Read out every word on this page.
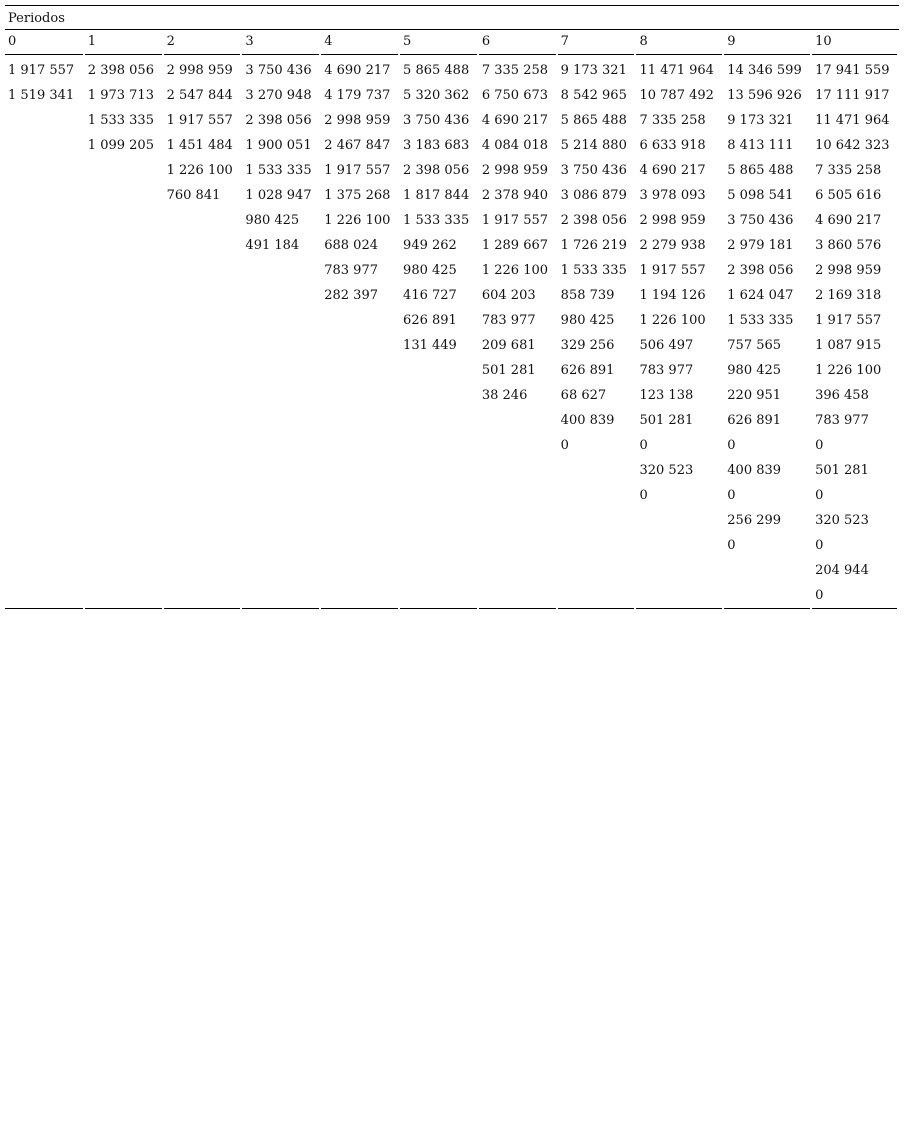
Periodos
0	1	2	3	4	5	6	7	8	9	10

1 917 557	2 398 056	2 998 959	3 750 436	4 690 217	5 865 488	7 335 258	9 173 321	11 471 964	14 346 599	17 941 559
1 519 341	1 973 713	2 547 844	3 270 948	4 179 737	5 320 362	6 750 673	8 542 965	10 787 492	13 596 926	17 111 917
	1 533 335	1 917 557	2 398 056	2 998 959	3 750 436	4 690 217	5 865 488	7 335 258	9 173 321	11 471 964
	1 099 205	1 451 484	1 900 051	2 467 847	3 183 683	4 084 018	5 214 880	6 633 918	8 413 111	10 642 323
		1 226 100	1 533 335	1 917 557	2 398 056	2 998 959	3 750 436	4 690 217	5 865 488	7 335 258
		760 841	1 028 947	1 375 268	1 817 844	2 378 940	3 086 879	3 978 093	5 098 541	6 505 616
			980 425	1 226 100	1 533 335	1 917 557	2 398 056	2 998 959	3 750 436	4 690 217
			491 184	688 024	949 262	1 289 667	1 726 219	2 279 938	2 979 181	3 860 576
				783 977	980 425	1 226 100	1 533 335	1 917 557	2 398 056	2 998 959
				282 397	416 727	604 203	858 739	1 194 126	1 624 047	2 169 318
					626 891	783 977	980 425	1 226 100	1 533 335	1 917 557
					131 449	209 681	329 256	506 497	757 565	1 087 915
						501 281	626 891	783 977	980 425	1 226 100
						38 246	68 627	123 138	220 951	396 458
							400 839	501 281	626 891	783 977
							0	0	0	0
								320 523	400 839	501 281
								0	0	0
									256 299	320 523
									0	0
										204 944
										0
